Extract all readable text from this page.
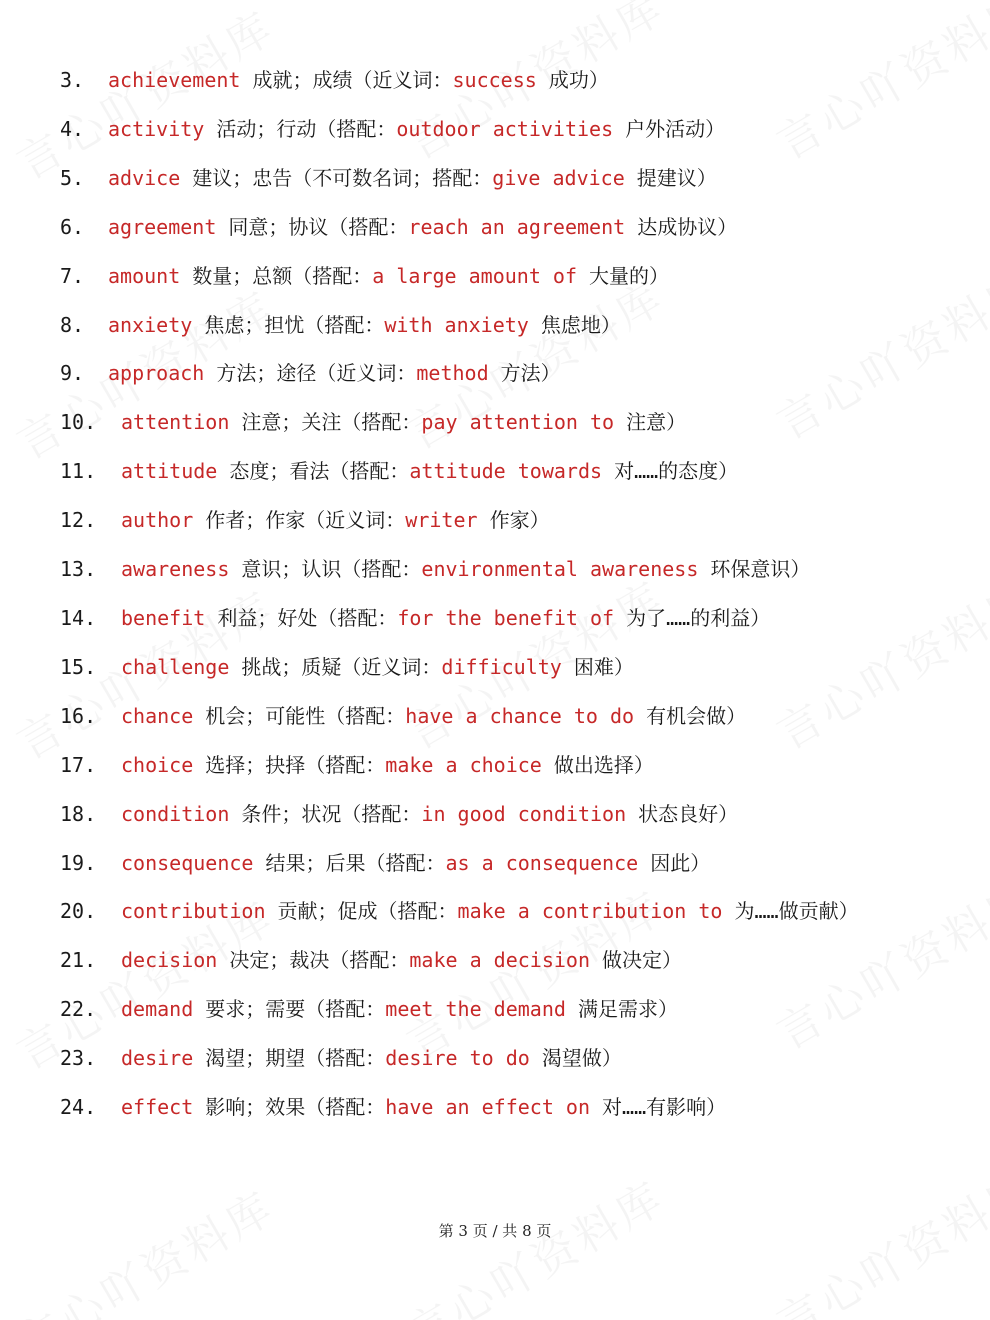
3. achievement 成就；成绩（近义词：success 成功）
4. activity 活动；行动（搭配：outdoor activities 户外活动）
5. advice 建议；忠告（不可数名词；搭配：give advice 提建议）
6. agreement 同意；协议（搭配：reach an agreement 达成协议）
7. amount 数量；总额（搭配：a large amount of 大量的）
8. anxiety 焦虑；担忧（搭配：with anxiety 焦虑地）
9. approach 方法；途径（近义词：method 方法）
10. attention 注意；关注（搭配：pay attention to 注意）
11. attitude 态度；看法（搭配：attitude towards 对……的态度）
12. author 作者；作家（近义词：writer 作家）
13. awareness 意识；认识（搭配：environmental awareness 环保意识）
14. benefit 利益；好处（搭配：for the benefit of 为了……的利益）
15. challenge 挑战；质疑（近义词：difficulty 困难）
16. chance 机会；可能性（搭配：have a chance to do 有机会做）
17. choice 选择；抉择（搭配：make a choice 做出选择）
18. condition 条件；状况（搭配：in good condition 状态良好）
19. consequence 结果；后果（搭配：as a consequence 因此）
20. contribution 贡献；促成（搭配：make a contribution to 为……做贡献）
21. decision 决定；裁决（搭配：make a decision 做决定）
22. demand 要求；需要（搭配：meet the demand 满足需求）
23. desire 渴望；期望（搭配：desire to do 渴望做）
24. effect 影响；效果（搭配：have an effect on 对……有影响）
第 3 页 / 共 8 页
